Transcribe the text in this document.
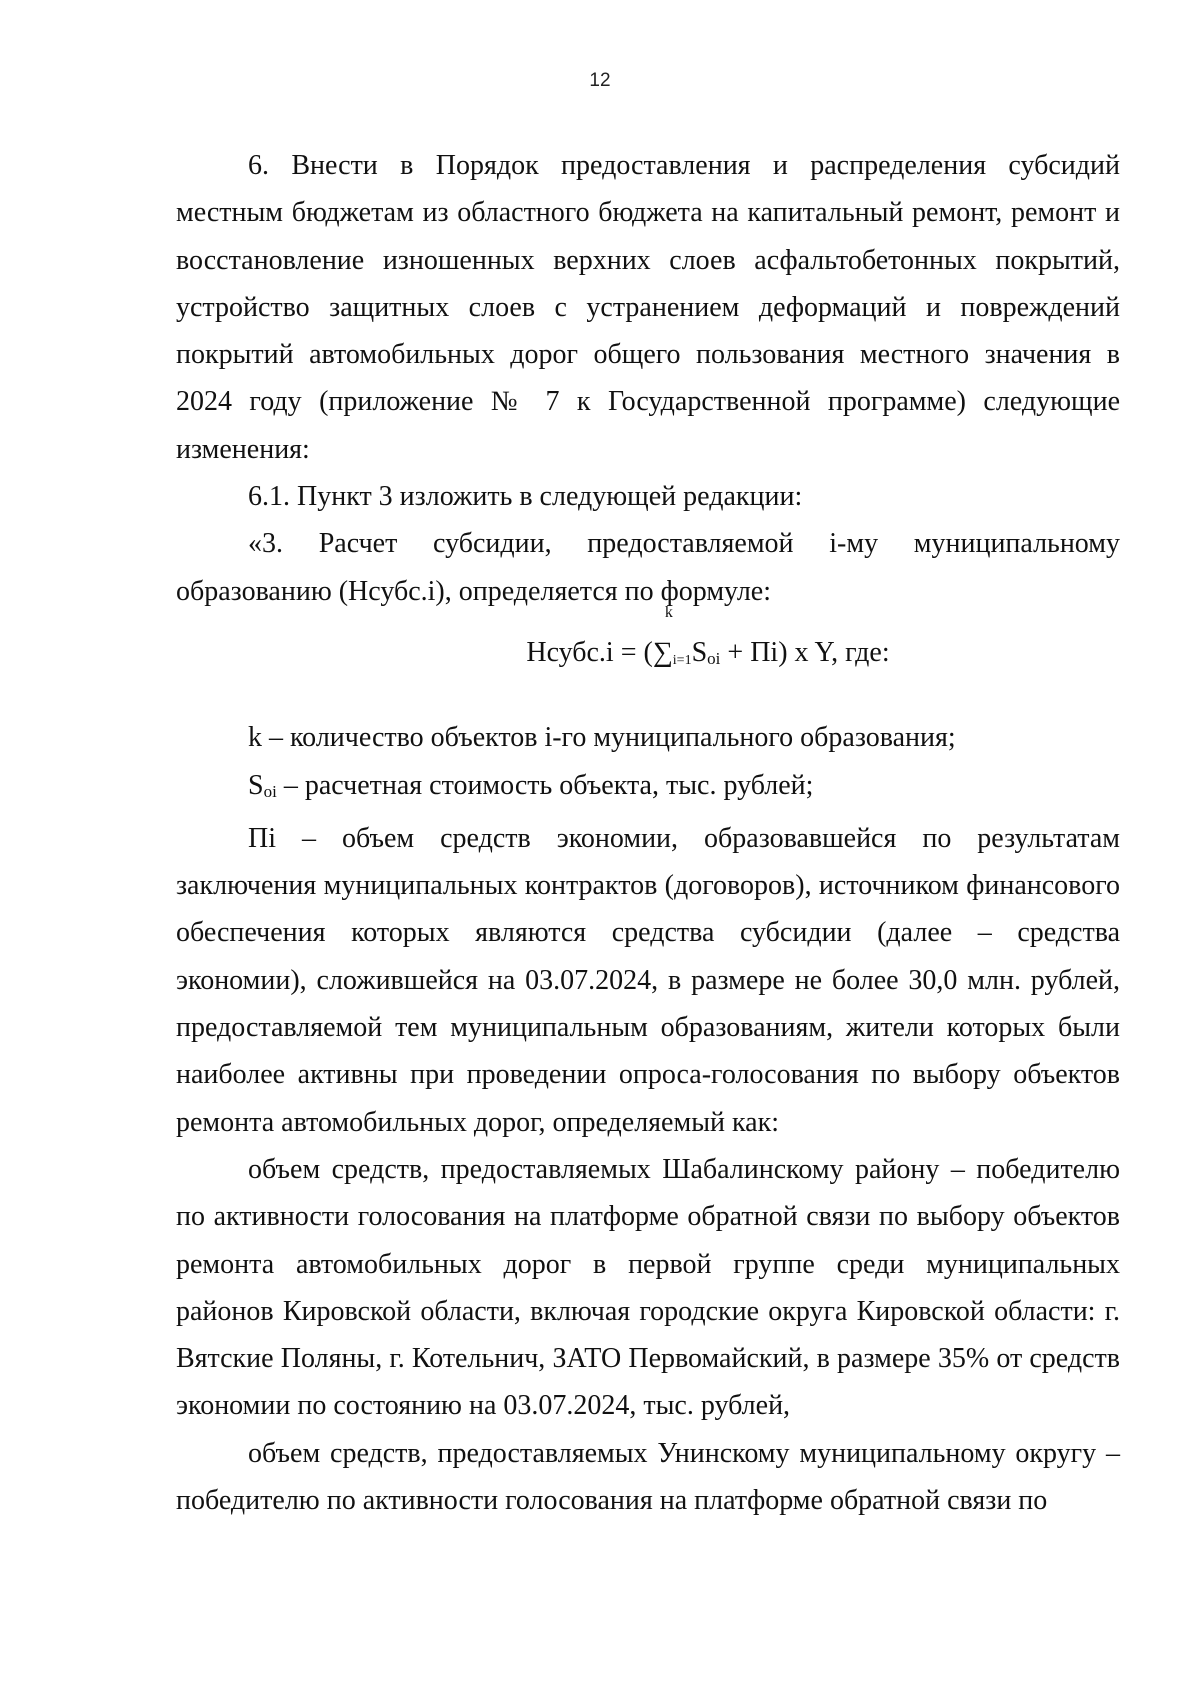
12

6. Внести в Порядок предоставления и распределения субсидий местным бюджетам из областного бюджета на капитальный ремонт, ремонт и восстановление изношенных верхних слоев асфальтобетонных покрытий, устройство защитных слоев с устранением деформаций и повреждений покрытий автомобильных дорог общего пользования местного значения в 2024 году (приложение № 7 к Государственной программе) следующие изменения:

6.1. Пункт 3 изложить в следующей редакции:

«3. Расчет субсидии, предоставляемой i-му муниципальному образованию (Нсубс.i), определяется по формуле:

Нсубс.i = (
k
∑i=1Soi + Пi) x Y, где:

k – количество объектов i-го муниципального образования;

Soi – расчетная стоимость объекта, тыс. рублей;

Пi – объем средств экономии, образовавшейся по результатам заключения муниципальных контрактов (договоров), источником финансового обеспечения которых являются средства субсидии (далее – средства экономии), сложившейся на 03.07.2024, в размере не более 30,0 млн. рублей, предоставляемой тем муниципальным образованиям, жители которых были наиболее активны при проведении опроса-голосования по выбору объектов ремонта автомобильных дорог, определяемый как:

объем средств, предоставляемых Шабалинскому району – победителю по активности голосования на платформе обратной связи по выбору объектов ремонта автомобильных дорог в первой группе среди муниципальных районов Кировской области, включая городские округа Кировской области: г. Вятские Поляны, г. Котельнич, ЗАТО Первомайский, в размере 35% от средств экономии по состоянию на 03.07.2024, тыс. рублей,

объем средств, предоставляемых Унинскому муниципальному округу – победителю по активности голосования на платформе обратной связи по
